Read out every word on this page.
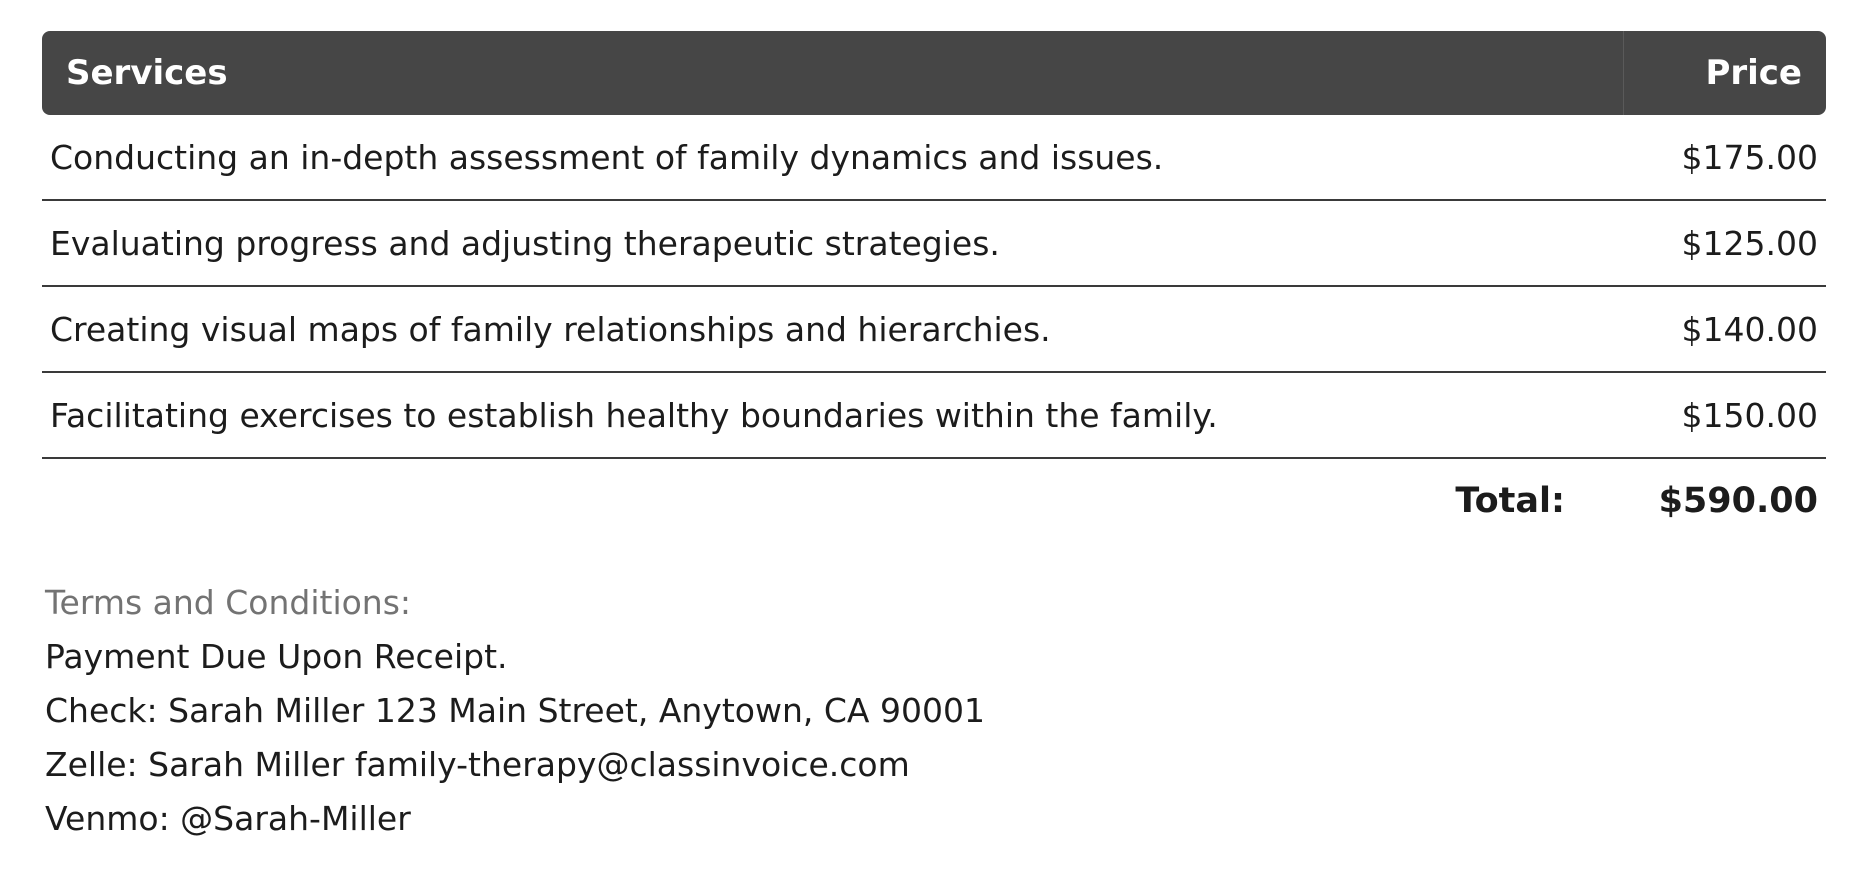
Services	Price
Conducting an in-depth assessment of family dynamics and issues.	$175.00
Evaluating progress and adjusting therapeutic strategies.	$125.00
Creating visual maps of family relationships and hierarchies.	$140.00
Facilitating exercises to establish healthy boundaries within the family.	$150.00
Total:	$590.00
Terms and Conditions:
Payment Due Upon Receipt.
Check: Sarah Miller 123 Main Street, Anytown, CA 90001
Zelle: Sarah Miller family-therapy@classinvoice.com
Venmo: @Sarah-Miller
